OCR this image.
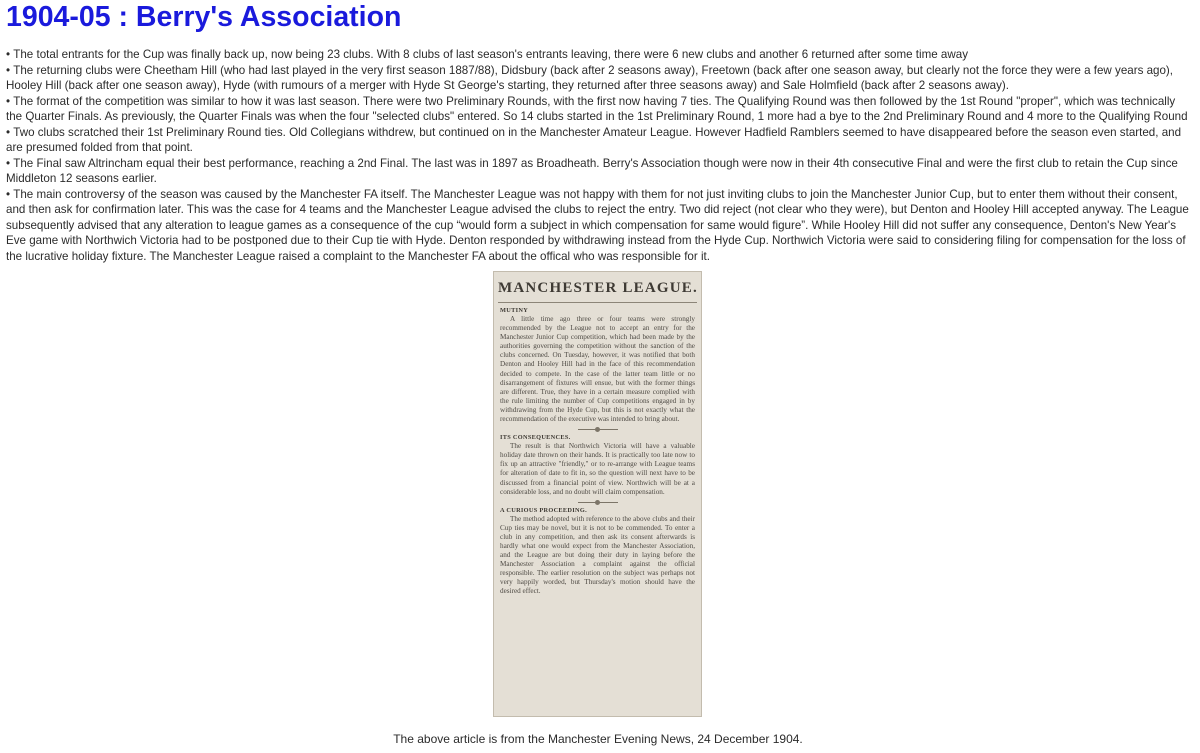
1904-05 : Berry's Association

• The total entrants for the Cup was finally back up, now being 23 clubs. With 8 clubs of last season's entrants leaving, there were 6 new clubs and another 6 returned after some time away

• The returning clubs were Cheetham Hill (who had last played in the very first season 1887/88), Didsbury (back after 2 seasons away), Freetown (back after one season away, but clearly not the force they were a few years ago), Hooley Hill (back after one season away), Hyde (with rumours of a merger with Hyde St George's starting, they returned after three seasons away) and Sale Holmfield (back after 2 seasons away).

• The format of the competition was similar to how it was last season. There were two Preliminary Rounds, with the first now having 7 ties. The Qualifying Round was then followed by the 1st Round "proper", which was technically the Quarter Finals. As previously, the Quarter Finals was when the four "selected clubs" entered. So 14 clubs started in the 1st Preliminary Round, 1 more had a bye to the 2nd Preliminary Round and 4 more to the Qualifying Round

• Two clubs scratched their 1st Preliminary Round ties. Old Collegians withdrew, but continued on in the Manchester Amateur League. However Hadfield Ramblers seemed to have disappeared before the season even started, and are presumed folded from that point.

• The Final saw Altrincham equal their best performance, reaching a 2nd Final. The last was in 1897 as Broadheath. Berry's Association though were now in their 4th consecutive Final and were the first club to retain the Cup since Middleton 12 seasons earlier.

• The main controversy of the season was caused by the Manchester FA itself. The Manchester League was not happy with them for not just inviting clubs to join the Manchester Junior Cup, but to enter them without their consent, and then ask for confirmation later. This was the case for 4 teams and the Manchester League advised the clubs to reject the entry. Two did reject (not clear who they were), but Denton and Hooley Hill accepted anyway. The League subsequently advised that any alteration to league games as a consequence of the cup “would form a subject in which compensation for same would figure”. While Hooley Hill did not suffer any consequence, Denton's New Year's Eve game with Northwich Victoria had to be postponed due to their Cup tie with Hyde. Denton responded by withdrawing instead from the Hyde Cup. Northwich Victoria were said to considering filing for compensation for the loss of the lucrative holiday fixture. The Manchester League raised a complaint to the Manchester FA about the offical who was responsible for it.

MANCHESTER LEAGUE.
MUTINY

A little time ago three or four teams were strongly recommended by the League not to accept an entry for the Manchester Junior Cup competition, which had been made by the authorities governing the competition without the sanction of the clubs concerned. On Tuesday, however, it was notified that both Denton and Hooley Hill had in the face of this recommendation decided to compete. In the case of the latter team little or no disarrangement of fixtures will ensue, but with the former things are different. True, they have in a certain measure complied with the rule limiting the number of Cup competitions engaged in by withdrawing from the Hyde Cup, but this is not exactly what the recommendation of the executive was intended to bring about.

ITS CONSEQUENCES.

The result is that Northwich Victoria will have a valuable holiday date thrown on their hands. It is practically too late now to fix up an attractive "friendly," or to re-arrange with League teams for alteration of date to fit in, so the question will next have to be discussed from a financial point of view. Northwich will be at a considerable loss, and no doubt will claim compensation.

A CURIOUS PROCEEDING.

The method adopted with reference to the above clubs and their Cup ties may be novel, but it is not to be commended. To enter a club in any competition, and then ask its consent afterwards is hardly what one would expect from the Manchester Association, and the League are but doing their duty in laying before the Manchester Association a complaint against the official responsible. The earlier resolution on the subject was perhaps not very happily worded, but Thursday's motion should have the desired effect.

The above article is from the Manchester Evening News, 24 December 1904.
